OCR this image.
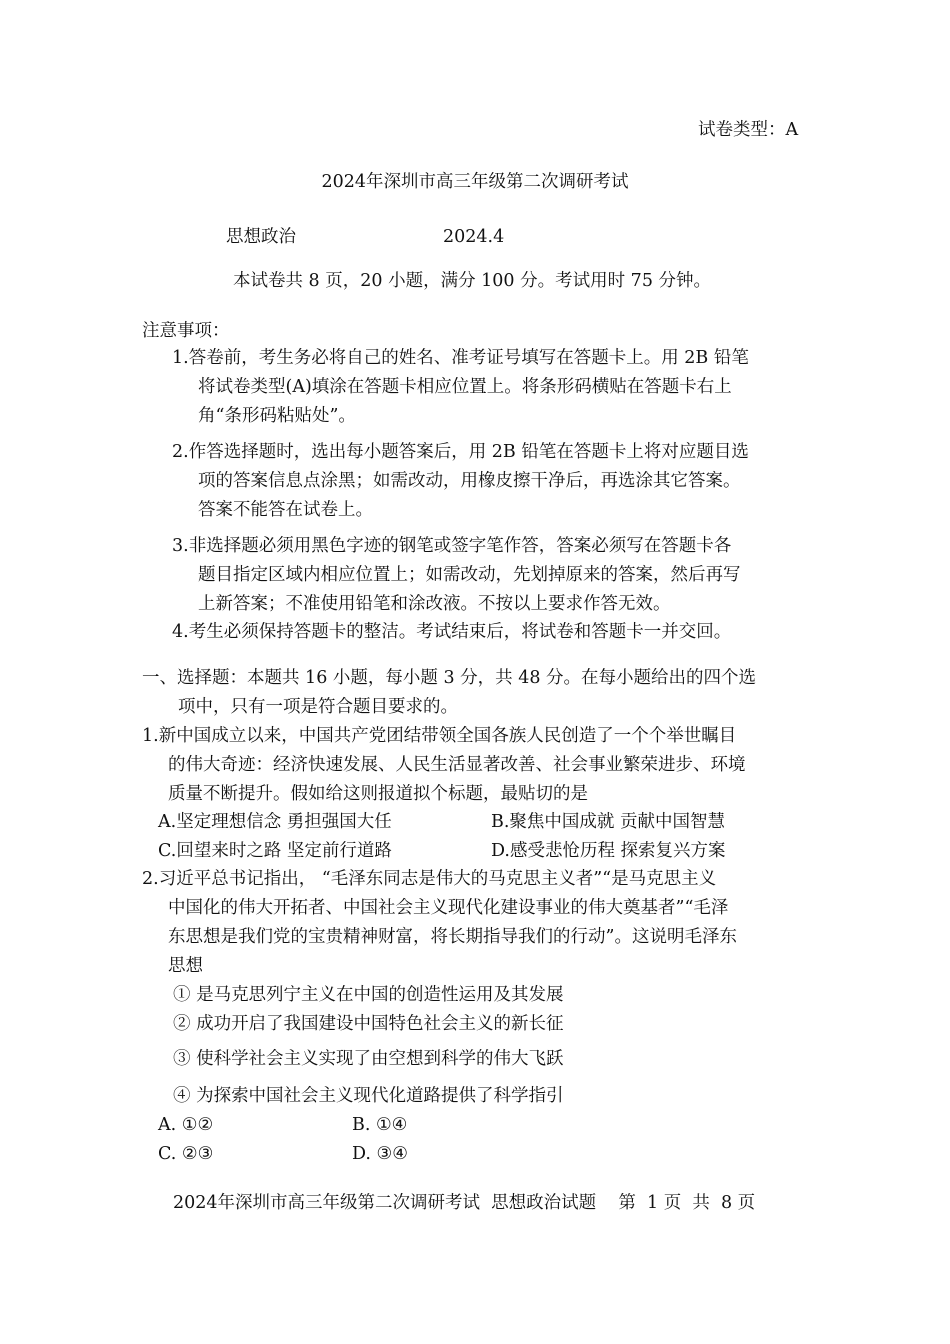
试卷类型：A
2024年深圳市高三年级第二次调研考试
思想政治	2024.4
本试卷共 8 页，20 小题，满分 100 分。考试用时 75 分钟。
注意事项：
1.答卷前，考生务必将自己的姓名、准考证号填写在答题卡上。用 2B 铅笔
将试卷类型(A)填涂在答题卡相应位置上。将条形码横贴在答题卡右上
角“条形码粘贴处”。
2.作答选择题时，选出每小题答案后，用 2B 铅笔在答题卡上将对应题目选
项的答案信息点涂黑；如需改动，用橡皮擦干净后，再选涂其它答案。
答案不能答在试卷上。
3.非选择题必须用黑色字迹的钢笔或签字笔作答，答案必须写在答题卡各
题目指定区域内相应位置上；如需改动，先划掉原来的答案，然后再写
上新答案；不准使用铅笔和涂改液。不按以上要求作答无效。
4.考生必须保持答题卡的整洁。考试结束后，将试卷和答题卡一并交回。
一、选择题：本题共 16 小题，每小题 3 分，共 48 分。在每小题给出的四个选
项中，只有一项是符合题目要求的。
1.新中国成立以来，中国共产党团结带领全国各族人民创造了一个个举世瞩目
的伟大奇迹：经济快速发展、人民生活显著改善、社会事业繁荣进步、环境
质量不断提升。假如给这则报道拟个标题，最贴切的是
A.坚定理想信念 勇担强国大任	B.聚焦中国成就 贡献中国智慧
C.回望来时之路 坚定前行道路	D.感受悲怆历程 探索复兴方案
2.习近平总书记指出， “毛泽东同志是伟大的马克思主义者”“是马克思主义
中国化的伟大开拓者、中国社会主义现代化建设事业的伟大奠基者”“毛泽
东思想是我们党的宝贵精神财富，将长期指导我们的行动”。这说明毛泽东
思想
① 是马克思列宁主义在中国的创造性运用及其发展
② 成功开启了我国建设中国特色社会主义的新长征
③ 使科学社会主义实现了由空想到科学的伟大飞跃
④ 为探索中国社会主义现代化道路提供了科学指引
A. ①②	B. ①④
C. ②③	D. ③④
2024年深圳市高三年级第二次调研考试  思想政治试题    第  1 页  共  8 页
